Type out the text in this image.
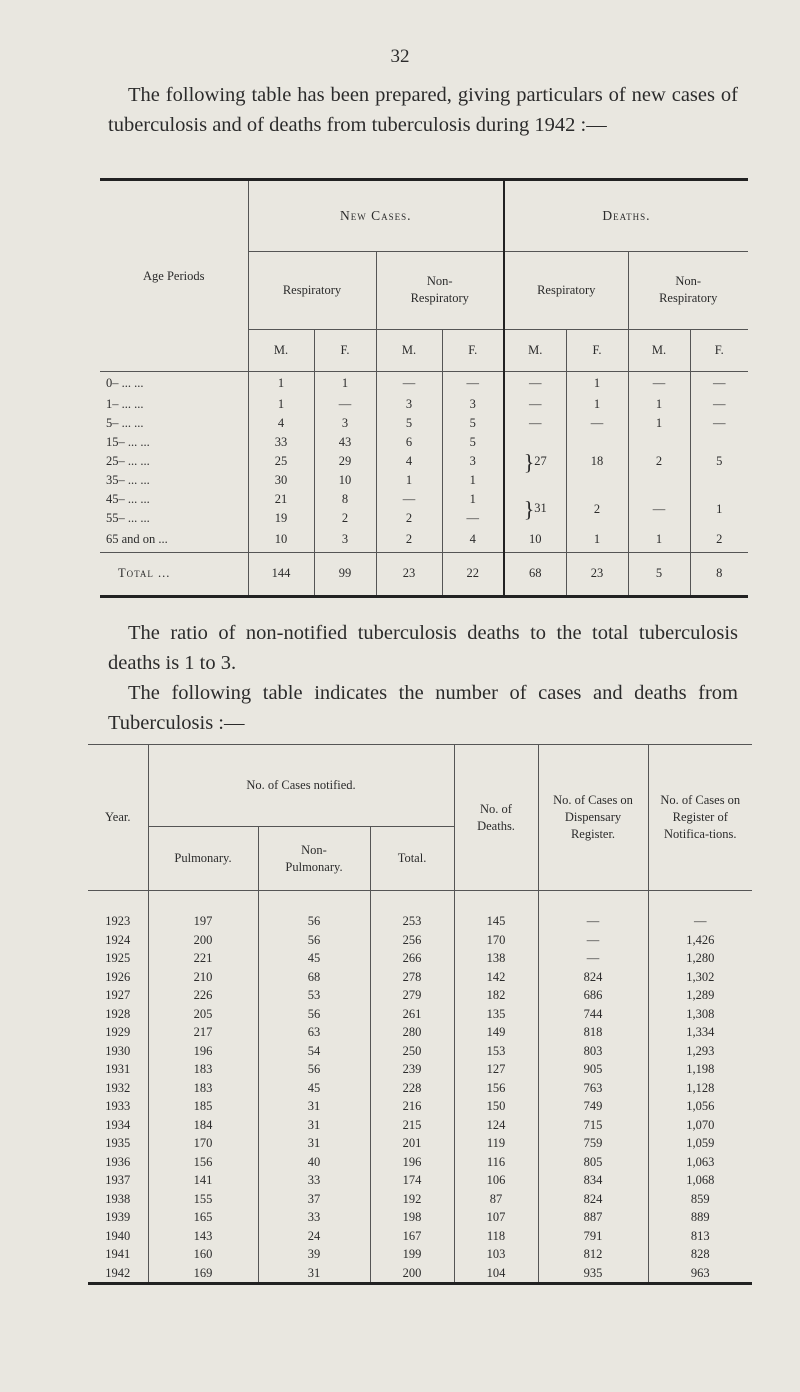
32

The following table has been prepared, giving particulars of new cases of tuberculosis and of deaths from tuberculosis during 1942 :—

Age Periods	New Cases.				Deaths.			
	Respiratory		Non-Respiratory		Respiratory		Non-Respiratory	
	M.	F.	M.	F.	M.	F.	M.	F.
0– ... ...	1	1	—	—	—	1	—	—
1– ... ...	1	—	3	3	—	1	1	—
5– ... ...	4	3	5	5	—	—	1	—
15– ... ...	33	43	6	5	}27	18	2	5
25– ... ...	25	29	4	3				
35– ... ...	30	10	1	1				
45– ... ...	21	8	—	1	}31	2	—	1
55– ... ...	19	2	2	—				
65 and on ...	10	3	2	4	10	1	1	2
Total ...	144	99	23	22	68	23	5	8

The ratio of non-notified tuberculosis deaths to the total tuberculosis deaths is 1 to 3.

The following table indicates the number of cases and deaths from Tuberculosis :—

Year.	No. of Cases notified.			No. of Deaths.	No. of Cases on Dispensary Register.	No. of Cases on Register of Notifica-tions.
	Pulmonary.	Non-Pulmonary.	Total.			
1923	197	56	253	145	—	—
1924	200	56	256	170	—	1,426
1925	221	45	266	138	—	1,280
1926	210	68	278	142	824	1,302
1927	226	53	279	182	686	1,289
1928	205	56	261	135	744	1,308
1929	217	63	280	149	818	1,334
1930	196	54	250	153	803	1,293
1931	183	56	239	127	905	1,198
1932	183	45	228	156	763	1,128
1933	185	31	216	150	749	1,056
1934	184	31	215	124	715	1,070
1935	170	31	201	119	759	1,059
1936	156	40	196	116	805	1,063
1937	141	33	174	106	834	1,068
1938	155	37	192	87	824	859
1939	165	33	198	107	887	889
1940	143	24	167	118	791	813
1941	160	39	199	103	812	828
1942	169	31	200	104	935	963
